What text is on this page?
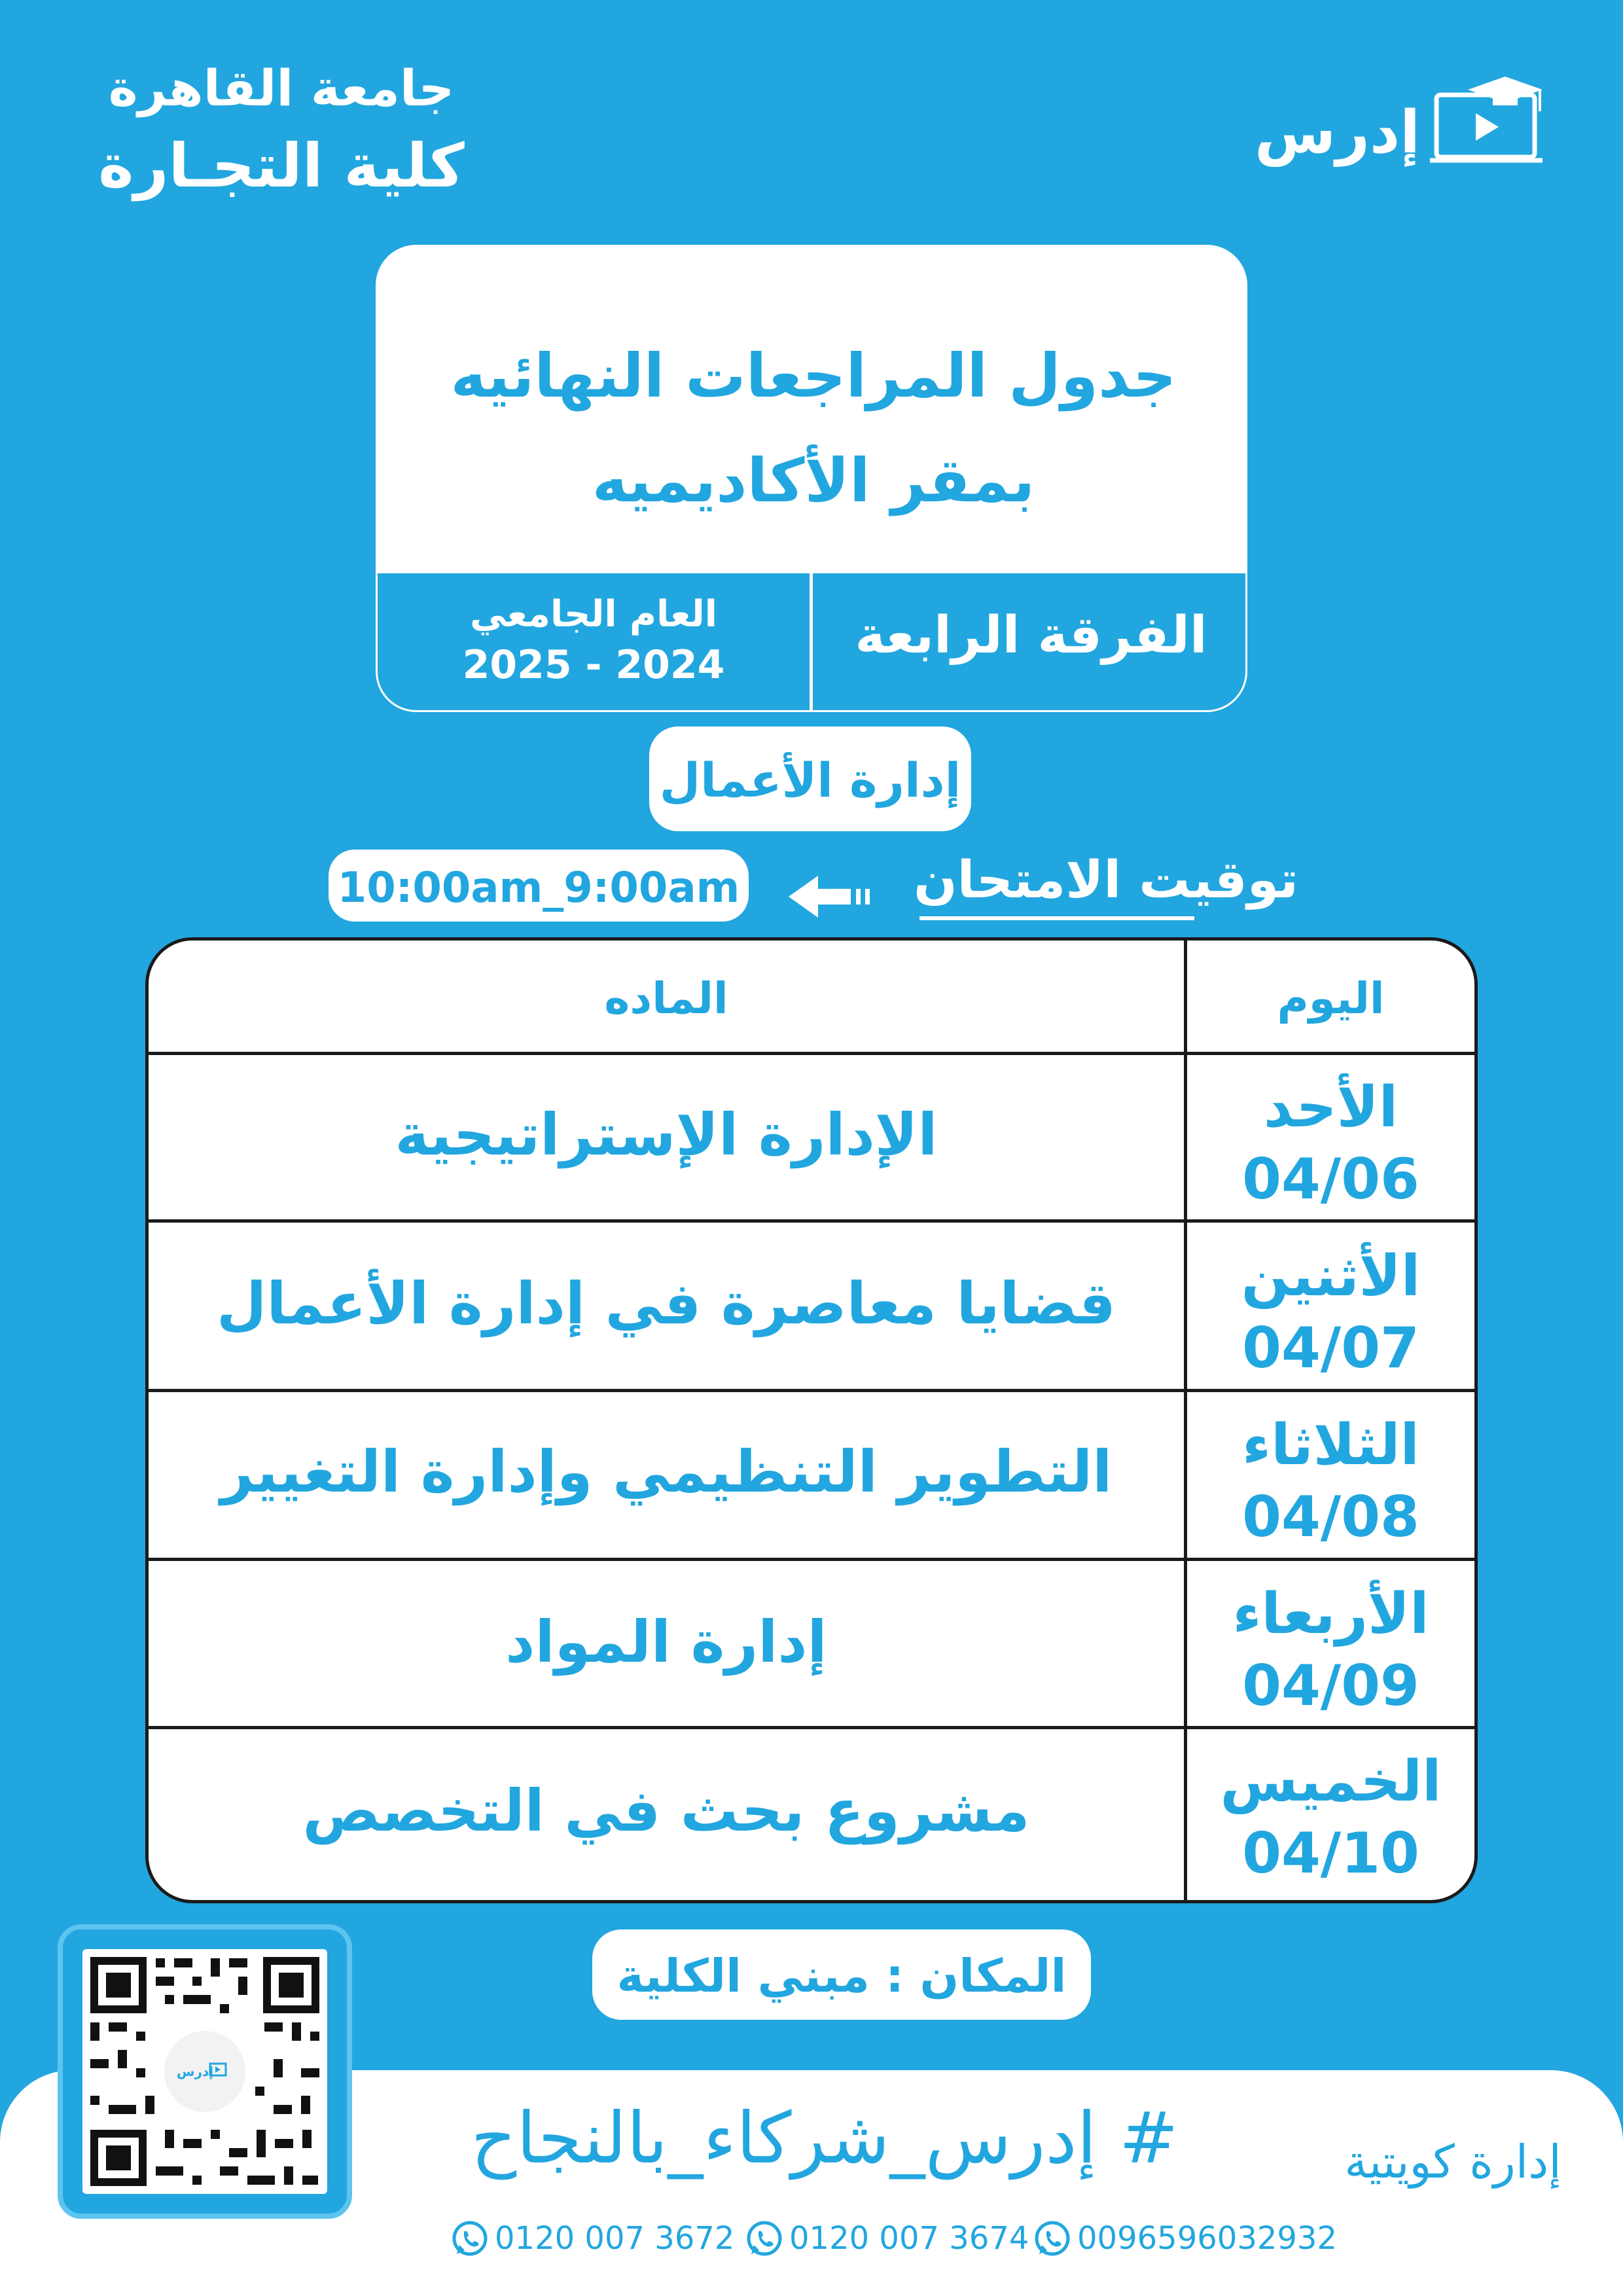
جامعة القاهرة
كلية التجـارة	إدرس
جدول المراجعات النهائيه
بمقر الأكاديميه
الفرقة الرابعة
العام الجامعي
2025 - 2024
إدارة الأعمال
توقيت الامتحان
10:00am_9:00am
اليوم
الماده
الأحد
04/06
الإدارة الإستراتيجية
الأثنين
04/07
قضايا معاصرة في إدارة الأعمال
الثلاثاء
04/08
التطوير التنظيمي وإدارة التغيير
الأربعاء
04/09
إدارة المواد
الخميس
04/10
مشروع بحث في التخصص
المكان : مبني الكلية
# إدرس_شركاء_بالنجاح	إدارة كويتية
0120 007 3672 0120 007 3674 0096596032932
إدرس
